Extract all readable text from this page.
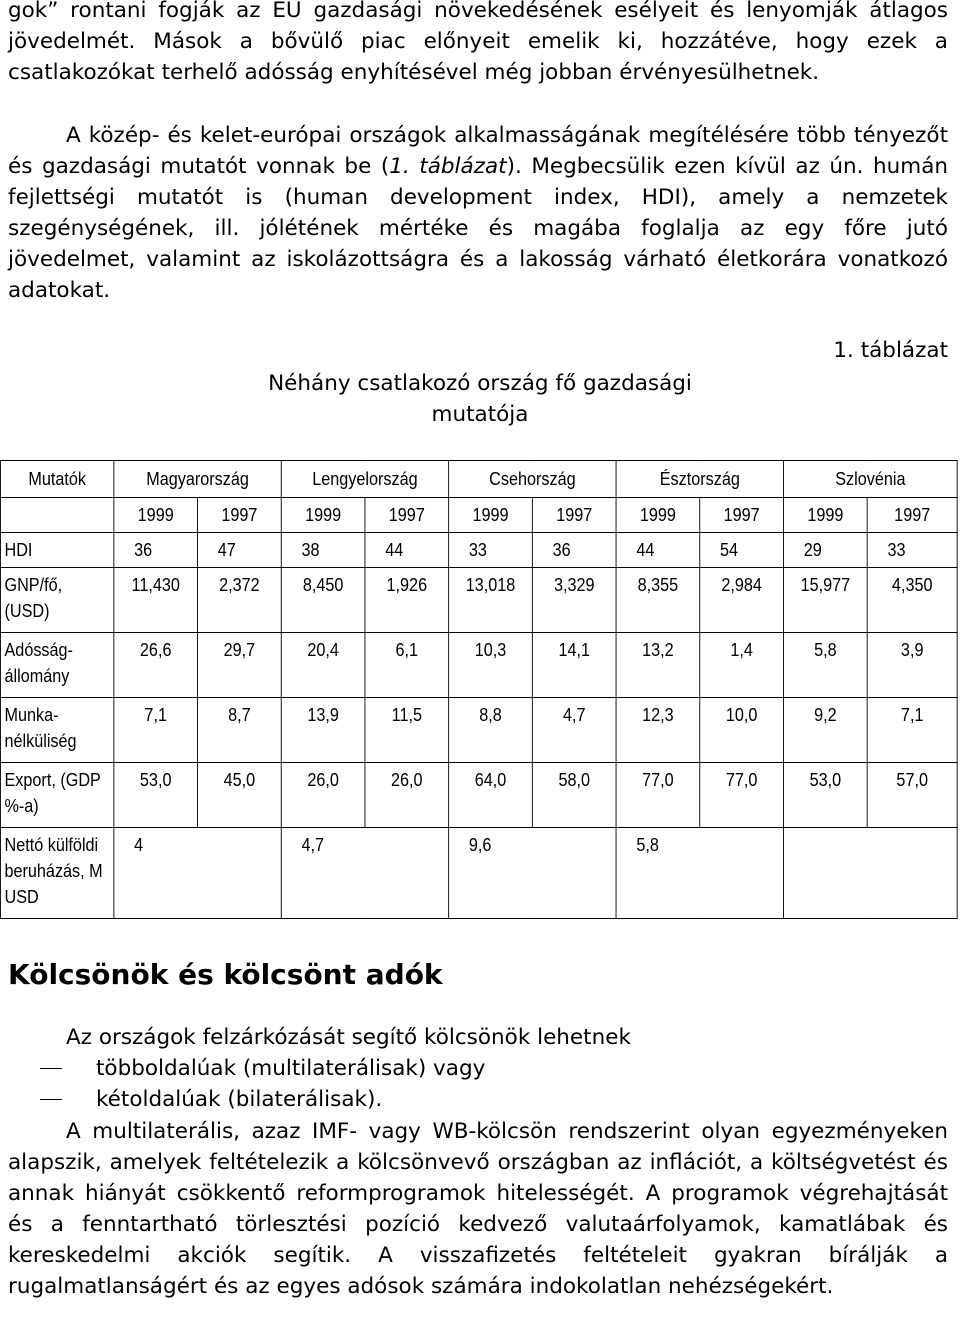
gok” rontani fogják az EU gazdasági növekedésének esélyeit és lenyomják átlagos jövedelmét. Mások a bővülő piac előnyeit emelik ki, hozzátéve, hogy ezek a csatlakozókat terhelő adósság enyhítésével még jobban érvényesülhetnek.

A közép- és kelet-európai országok alkalmasságának megítélésére több tényezőt és gazdasági mutatót vonnak be (1. táblázat). Megbecsülik ezen kívül az ún. humán fejlettségi mutatót is (human development index, HDI), amely a nemzetek szegénységének, ill. jólétének mértéke és magába foglalja az egy főre jutó jövedelmet, valamint az iskolázottságra és a lakosság várható életkorára vonatkozó adatokat.

1. táblázat
Néhány csatlakozó ország fő gazdasági mutatója
Mutatók	Magyarország		Lengyelország		Csehország		Észtország		Szlovénia	
	1999	1997	1999	1997	1999	1997	1999	1997	1999	1997
HDI	36	47	38	44	33	36	44	54	29	33
GNP/fő, (USD)	11,430	2,372	8,450	1,926	13,018	3,329	8,355	2,984	15,977	4,350
Adósság-állomány	26,6	29,7	20,4	6,1	10,3	14,1	13,2	1,4	5,8	3,9
Munka-nélküliség	7,1	8,7	13,9	11,5	8,8	4,7	12,3	10,0	9,2	7,1
Export, (GDP %-a)	53,0	45,0	26,0	26,0	64,0	58,0	77,0	77,0	53,0	57,0
Nettó külföldi beruházás, M USD	4		4,7		9,6		5,8			
Kölcsönök és kölcsönt adók
Az országok felzárkózását segítő kölcsönök lehetnek
többoldalúak (multilaterálisak) vagy
kétoldalúak (bilaterálisak).

A multilaterális, azaz IMF- vagy WB-kölcsön rendszerint olyan egyezményeken alapszik, amelyek feltételezik a kölcsönvevő országban az inflációt, a költségvetést és annak hiányát csökkentő reformprogramok hitelességét. A programok végrehajtását és a fenntartható törlesztési pozíció kedvező valutaárfolyamok, kamatlábak és kereskedelmi akciók segítik. A visszafizetés feltételeit gyakran bírálják a rugalmatlanságért és az egyes adósok számára indokolatlan nehézségekért.
